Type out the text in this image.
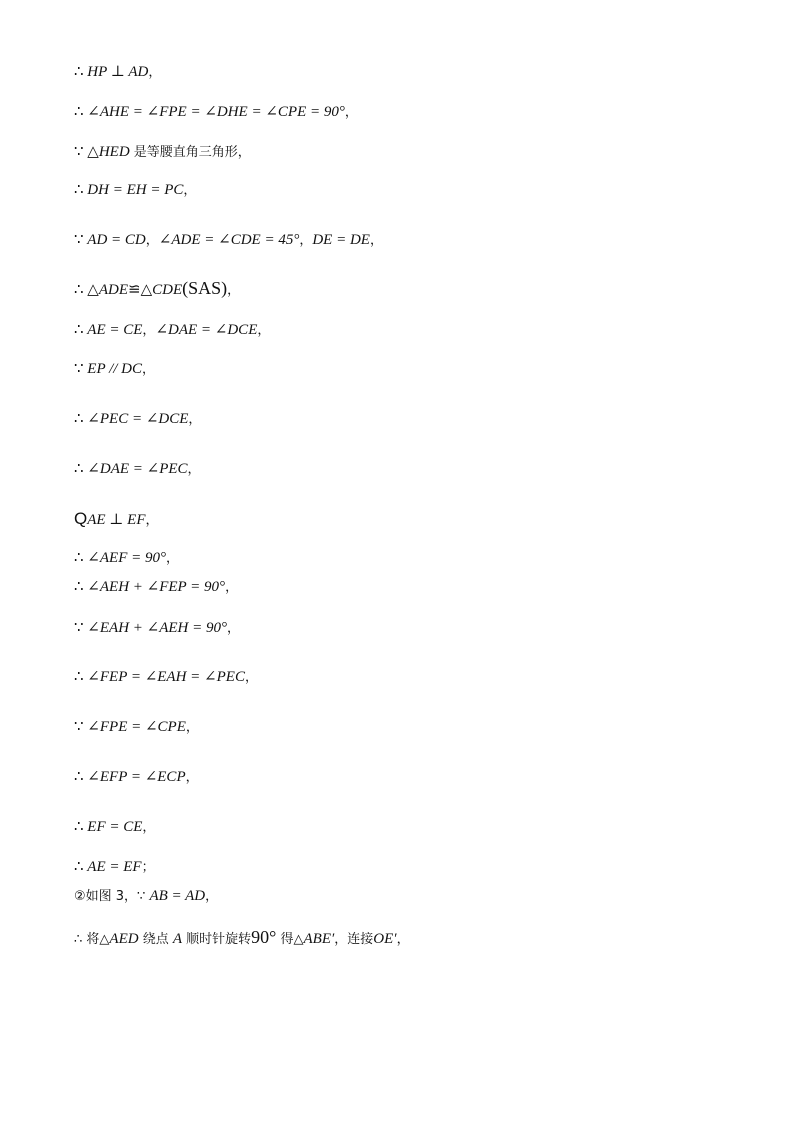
∴ HP ⊥ AD，
∴ ∠AHE = ∠FPE = ∠DHE = ∠CPE = 90°，
∵ △HED 是等腰直角三角形，
∴ DH = EH = PC，
∵ AD = CD，∠ADE = ∠CDE = 45°，DE = DE，
∴ △ADE≌△CDE(SAS)，
∴ AE = CE，∠DAE = ∠DCE，
∵ EP // DC，
∴ ∠PEC = ∠DCE，
∴ ∠DAE = ∠PEC，
QAE ⊥ EF，
∴ ∠AEF = 90°，
∴ ∠AEH + ∠FEP = 90°，
∵ ∠EAH + ∠AEH = 90°，
∴ ∠FEP = ∠EAH = ∠PEC，
∵ ∠FPE = ∠CPE，
∴ ∠EFP = ∠ECP，
∴ EF = CE，
∴ AE = EF；
②如图 3，∵ AB = AD，
∴ 将△AED 绕点 A 顺时针旋转90° 得△ABE′，连接OE′，
